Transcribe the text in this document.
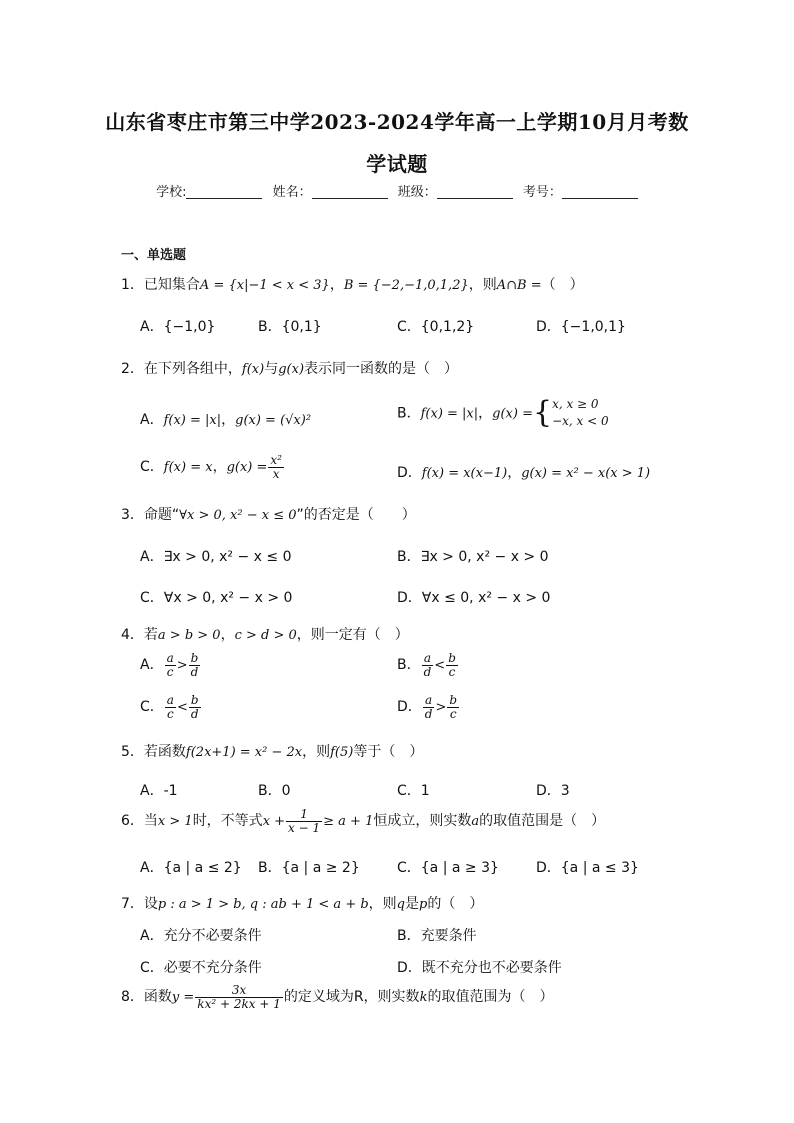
山东省枣庄市第三中学2023-2024学年高一上学期10月月考数
学试题
学校:	姓名：	班级：	考号：
一、单选题
1．已知集合A = {x|−1 < x < 3}，B = {−2,−1,0,1,2}，则A∩B =（　）
A．{−1,0}	B．{0,1}	C．{0,1,2}	D．{−1,0,1}
2．在下列各组中，f(x)与g(x)表示同一函数的是（　）
A．f(x) = |x|，g(x) = (√x)²	B．f(x) = |x|，g(x) ={ x, x ≥ 0
−x, x < 0
C．f(x) = x，$g(x) = \frac{\text{x²}}{x}$	D．f(x) = x(x−1)，g(x) = x² − x(x > 1)
3．命题“∀x > 0, x² − x ≤ 0”的否定是（　　）
A．∃x > 0, x² − x ≤ 0	B．∃x > 0, x² − x > 0
C．∀x > 0, x² − x > 0	D．∀x ≤ 0, x² − x > 0
4．若a > b > 0，c > d > 0，则一定有（　）
A． $\frac{a}{c} > \frac{b}{d}$	B． $\frac{a}{d} < \frac{b}{c}$
C． $\frac{a}{c} < \frac{b}{d}$	D． $\frac{a}{d} > \frac{b}{c}$
5．若函数f(2x+1) = x² − 2x，则f(5)等于（　）
A．-1	B．0	C．1	D．3
6．当x > 1时，不等式$x + \frac{1}{x - 1} \ge a + 1$恒成立，则实数a的取值范围是（　）
A．{a | a ≤ 2} B．{a | a ≥ 2}	C．{a | a ≥ 3}	D．{a | a ≤ 3}
7．设p : a > 1 > b, q : ab + 1 < a + b，则q是p的（　）
A．充分不必要条件	B．充要条件
C．必要不充分条件	D．既不充分也不必要条件
8．函数$y = \frac{3x}{\text{kx² + 2kx + 1}}$ 的定义域为R，则实数k的取值范围为（　）
